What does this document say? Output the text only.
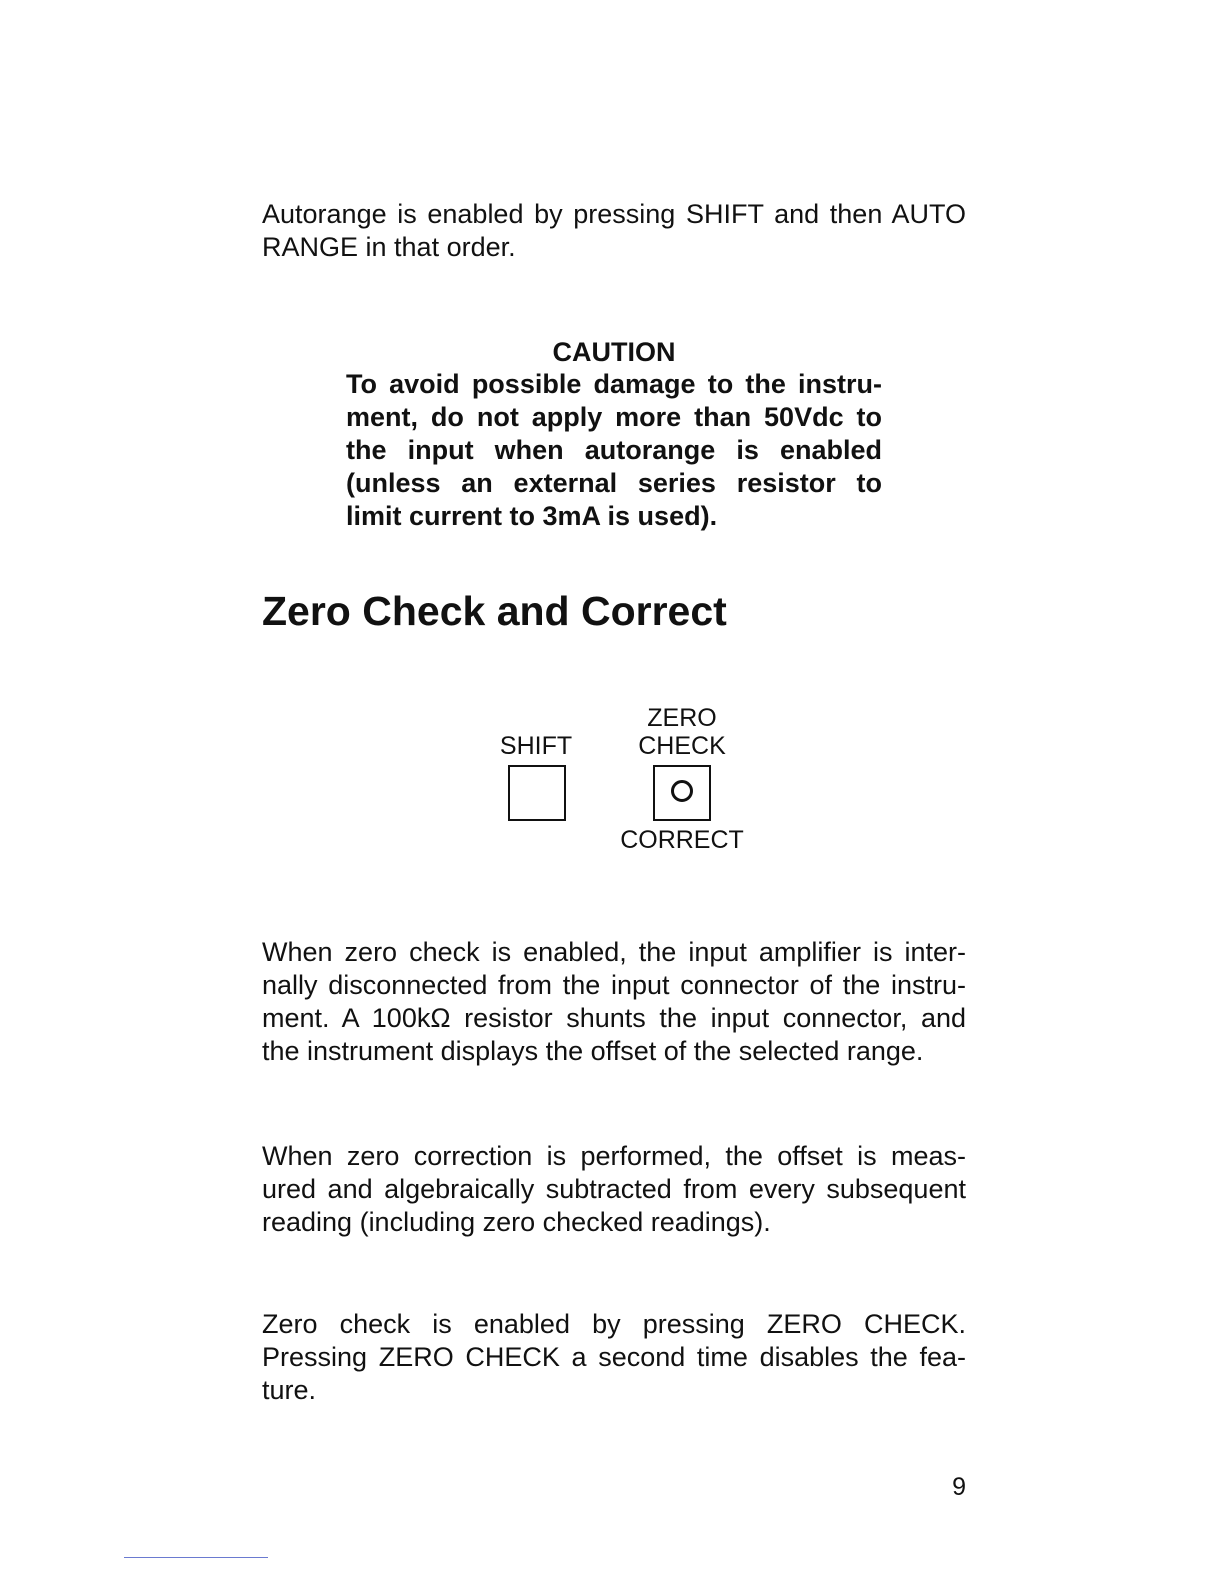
Autorange is enabled by pressing SHIFT and then AUTO
RANGE in that order.

CAUTION
To avoid possible damage to the instru-
ment, do not apply more than 50Vdc to
the input when autorange is enabled
(unless an external series resistor to
limit current to 3mA is used).
Zero Check and Correct
SHIFT
ZERO
CHECK
CORRECT

When zero check is enabled, the input amplifier is inter-
nally disconnected from the input connector of the instru-
ment. A 100kΩ resistor shunts the input connector, and
the instrument displays the offset of the selected range.

When zero correction is performed, the offset is meas-
ured and algebraically subtracted from every subsequent
reading (including zero checked readings).

Zero check is enabled by pressing ZERO CHECK.
Pressing ZERO CHECK a second time disables the fea-
ture.

9
